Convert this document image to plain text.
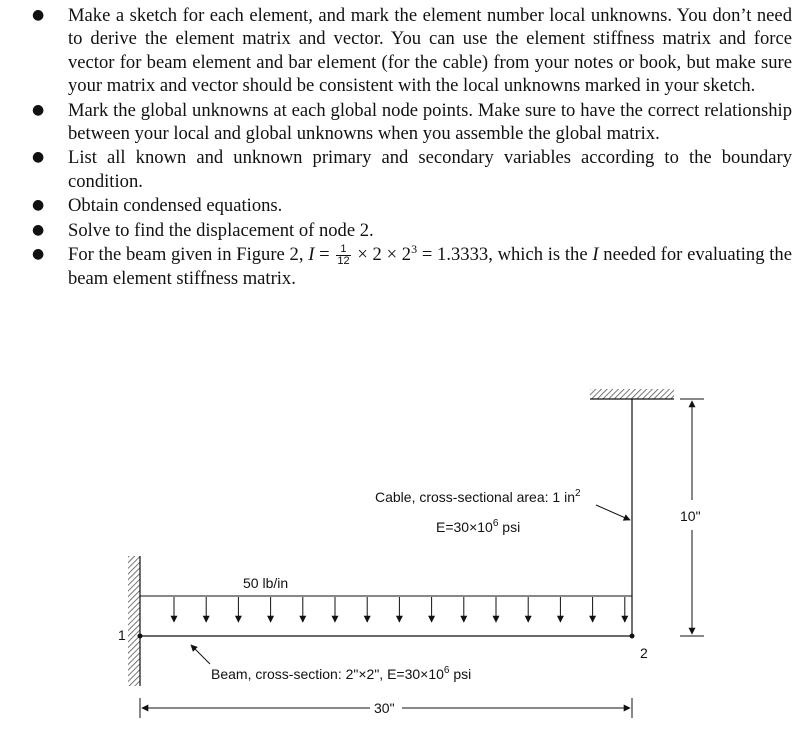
● Make a sketch for each element, and mark the element number local unknowns. You don’t need to derive the element matrix and vector. You can use the element stiffness matrix and force vector for beam element and bar element (for the cable) from your notes or book, but make sure your matrix and vector should be consistent with the local unknowns marked in your sketch.
● Mark the global unknowns at each global node points. Make sure to have the correct relationship between your local and global unknowns when you assemble the global matrix.
● List all known and unknown primary and secondary variables according to the boundary condition.
● Obtain condensed equations.
● Solve to find the displacement of node 2.
● For the beam given in Figure 2, $I = \frac{1}{12} \times 2 \times 2^3 = 1.3333$, which is the I needed for evaluating the beam element stiffness matrix.
1
2
50 lb/in
Cable, cross-sectional area: 1 $in^2$
$E=30\times 10^6$ psi
Beam, cross-section: 2"×2", $E=30\times 10^6$ psi
30"
10"
